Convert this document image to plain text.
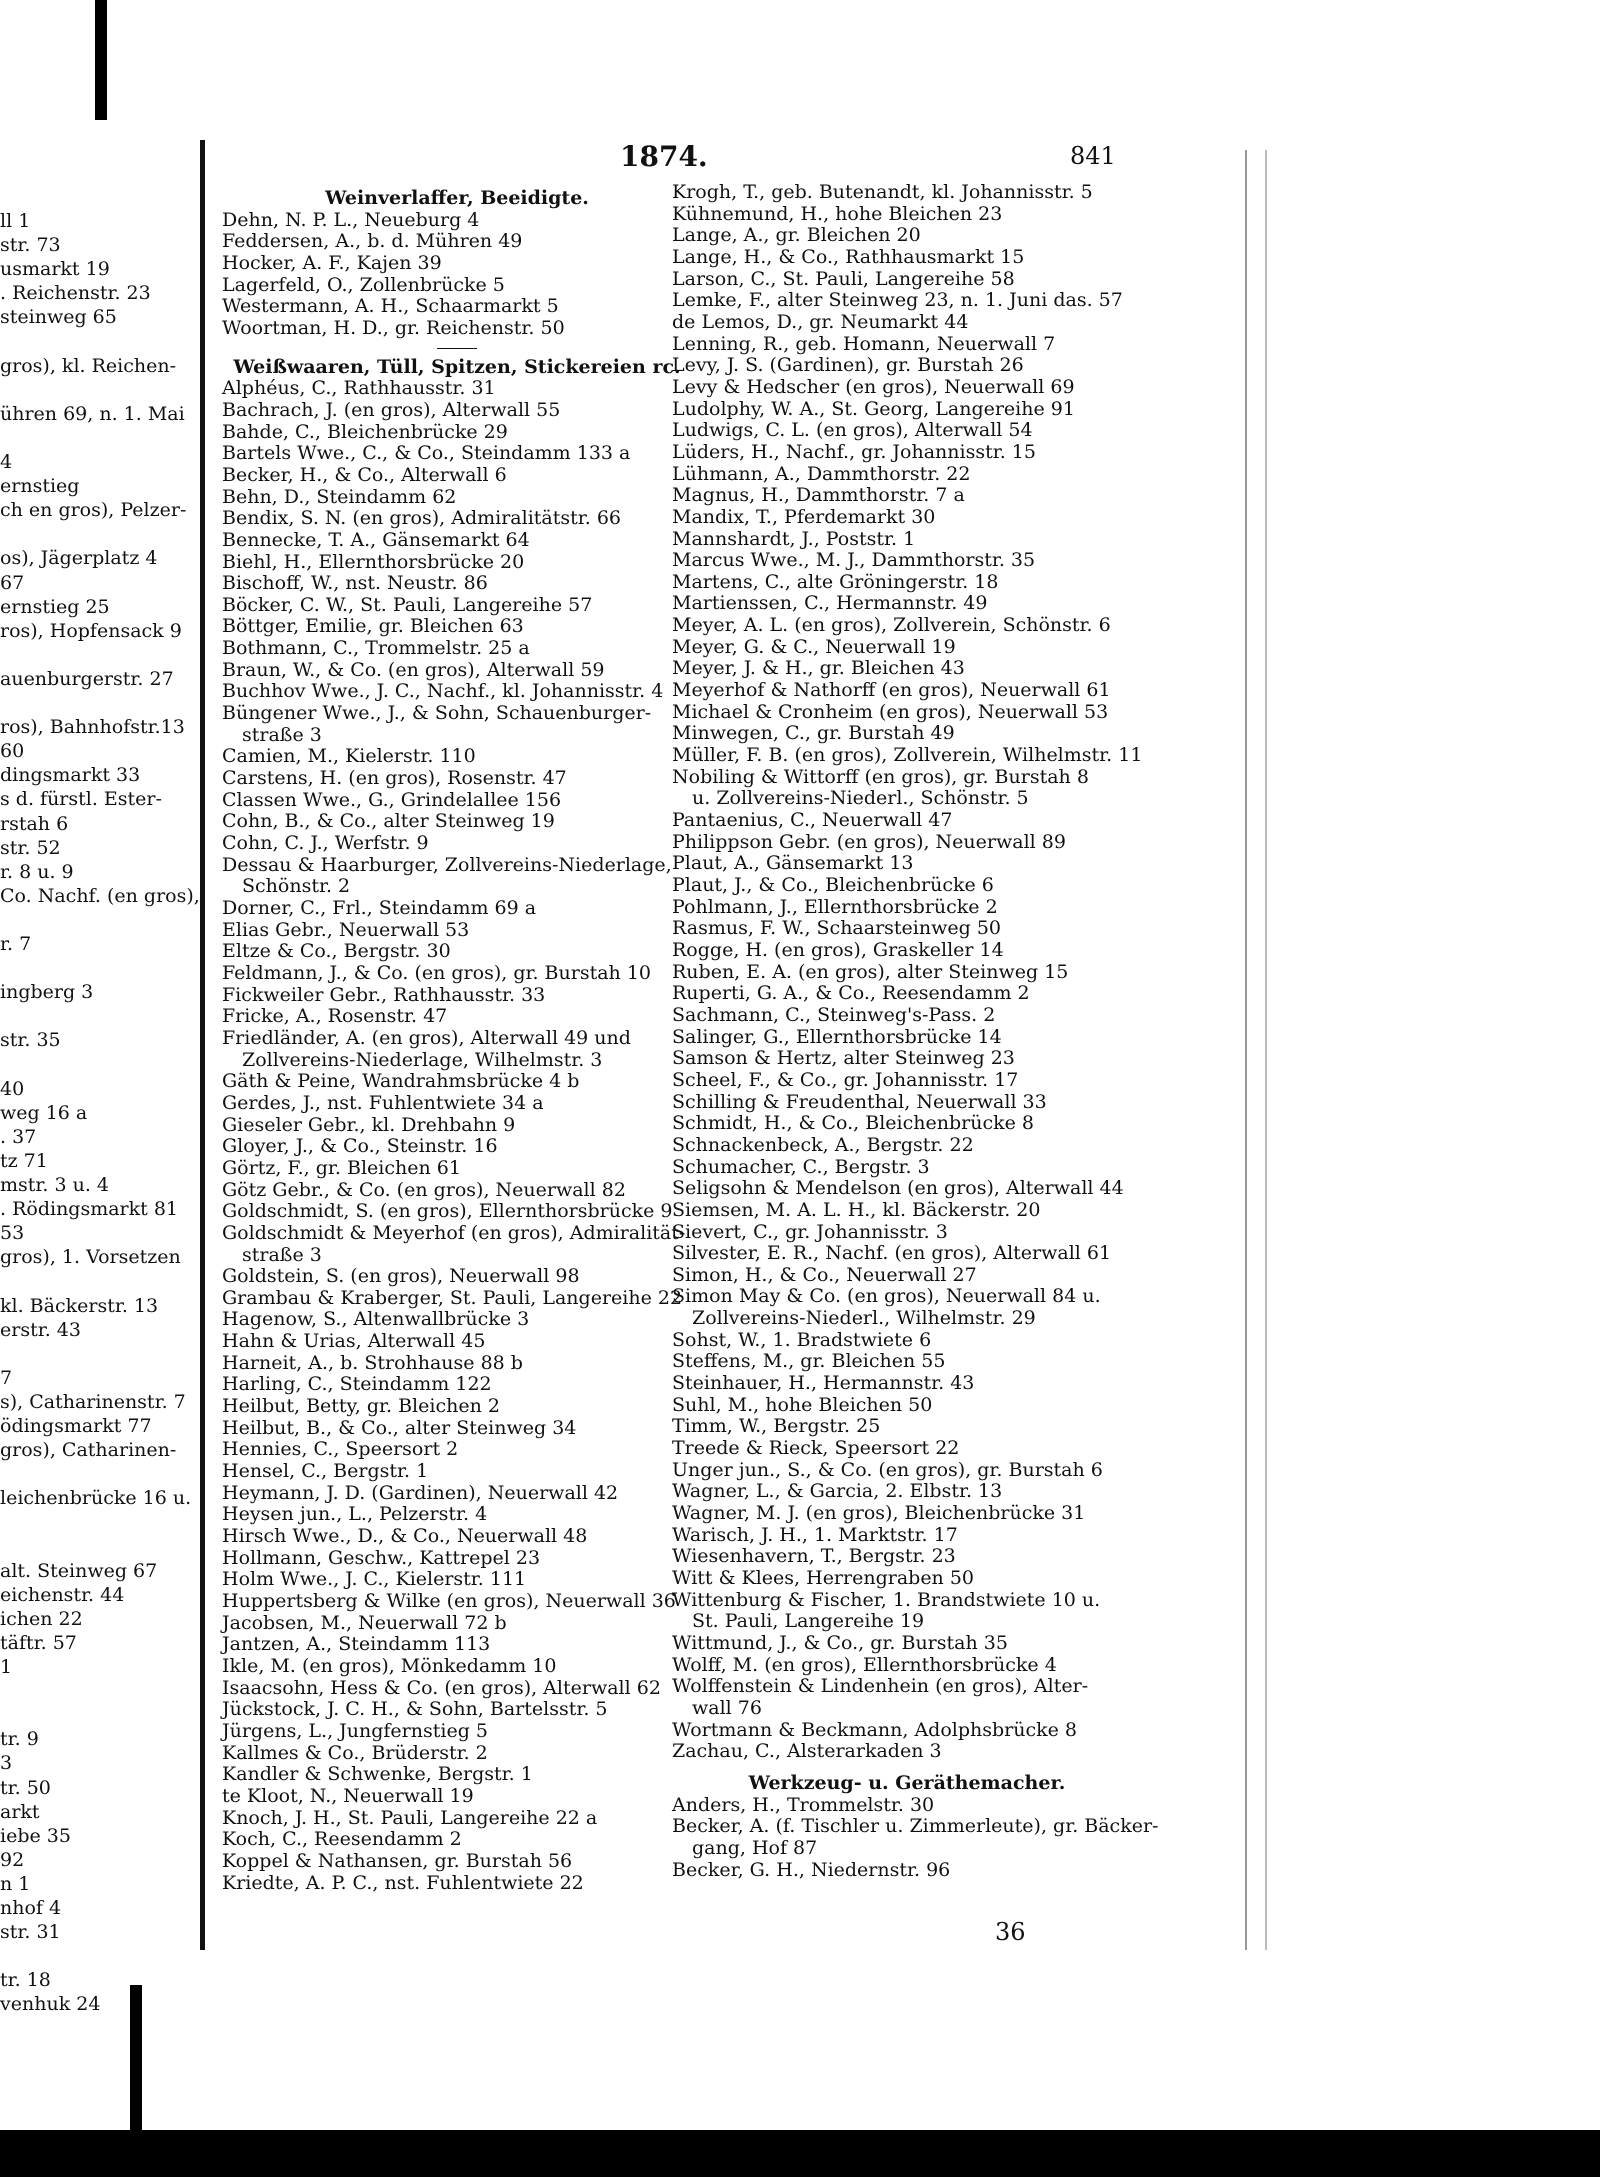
ll 1
str. 73
usmarkt 19
. Reichenstr. 23
steinweg 65
gros), kl. Reichen-
ühren 69, n. 1. Mai
4
ernstieg
ch en gros), Pelzer-
os), Jägerplatz 4
67
ernstieg 25
ros), Hopfensack 9
auenburgerstr. 27
ros), Bahnhofstr.13
60
dingsmarkt 33
s d. fürstl. Ester-
rstah 6
str. 52
r. 8 u. 9
Co. Nachf. (en gros),
r. 7
ingberg 3
str. 35
40
weg 16 a
. 37
tz 71
mstr. 3 u. 4
. Rödingsmarkt 81
53
gros), 1. Vorsetzen
kl. Bäckerstr. 13
erstr. 43
7
s), Catharinenstr. 7
ödingsmarkt 77
gros), Catharinen-
leichenbrücke 16 u.
alt. Steinweg 67
eichenstr. 44
ichen 22
täftr. 57
1
tr. 9
3
tr. 50
arkt
iebe 35
92
n 1
nhof 4
str. 31
tr. 18
venhuk 24
1874.	841
Weinverlaffer, Beeidigte.
Dehn, N. P. L., Neueburg 4
Feddersen, A., b. d. Mühren 49
Hocker, A. F., Kajen 39
Lagerfeld, O., Zollenbrücke 5
Westermann, A. H., Schaarmarkt 5
Woortman, H. D., gr. Reichenstr. 50
Weißwaaren, Tüll, Spitzen, Stickereien rc.
Alphéus, C., Rathhausstr. 31
Bachrach, J. (en gros), Alterwall 55
Bahde, C., Bleichenbrücke 29
Bartels Wwe., C., & Co., Steindamm 133 a
Becker, H., & Co., Alterwall 6
Behn, D., Steindamm 62
Bendix, S. N. (en gros), Admiralitätstr. 66
Bennecke, T. A., Gänsemarkt 64
Biehl, H., Ellernthorsbrücke 20
Bischoff, W., nst. Neustr. 86
Böcker, C. W., St. Pauli, Langereihe 57
Böttger, Emilie, gr. Bleichen 63
Bothmann, C., Trommelstr. 25 a
Braun, W., & Co. (en gros), Alterwall 59
Buchhov Wwe., J. C., Nachf., kl. Johannisstr. 4
Büngener Wwe., J., & Sohn, Schauenburger-
straße 3
Camien, M., Kielerstr. 110
Carstens, H. (en gros), Rosenstr. 47
Classen Wwe., G., Grindelallee 156
Cohn, B., & Co., alter Steinweg 19
Cohn, C. J., Werfstr. 9
Dessau & Haarburger, Zollvereins-Niederlage,
Schönstr. 2
Dorner, C., Frl., Steindamm 69 a
Elias Gebr., Neuerwall 53
Eltze & Co., Bergstr. 30
Feldmann, J., & Co. (en gros), gr. Burstah 10
Fickweiler Gebr., Rathhausstr. 33
Fricke, A., Rosenstr. 47
Friedländer, A. (en gros), Alterwall 49 und
Zollvereins-Niederlage, Wilhelmstr. 3
Gäth & Peine, Wandrahmsbrücke 4 b
Gerdes, J., nst. Fuhlentwiete 34 a
Gieseler Gebr., kl. Drehbahn 9
Gloyer, J., & Co., Steinstr. 16
Görtz, F., gr. Bleichen 61
Götz Gebr., & Co. (en gros), Neuerwall 82
Goldschmidt, S. (en gros), Ellernthorsbrücke 9
Goldschmidt & Meyerhof (en gros), Admiralität-
straße 3
Goldstein, S. (en gros), Neuerwall 98
Grambau & Kraberger, St. Pauli, Langereihe 22
Hagenow, S., Altenwallbrücke 3
Hahn & Urias, Alterwall 45
Harneit, A., b. Strohhause 88 b
Harling, C., Steindamm 122
Heilbut, Betty, gr. Bleichen 2
Heilbut, B., & Co., alter Steinweg 34
Hennies, C., Speersort 2
Hensel, C., Bergstr. 1
Heymann, J. D. (Gardinen), Neuerwall 42
Heysen jun., L., Pelzerstr. 4
Hirsch Wwe., D., & Co., Neuerwall 48
Hollmann, Geschw., Kattrepel 23
Holm Wwe., J. C., Kielerstr. 111
Huppertsberg & Wilke (en gros), Neuerwall 36
Jacobsen, M., Neuerwall 72 b
Jantzen, A., Steindamm 113
Ikle, M. (en gros), Mönkedamm 10
Isaacsohn, Hess & Co. (en gros), Alterwall 62
Jückstock, J. C. H., & Sohn, Bartelsstr. 5
Jürgens, L., Jungfernstieg 5
Kallmes & Co., Brüderstr. 2
Kandler & Schwenke, Bergstr. 1
te Kloot, N., Neuerwall 19
Knoch, J. H., St. Pauli, Langereihe 22 a
Koch, C., Reesendamm 2
Koppel & Nathansen, gr. Burstah 56
Kriedte, A. P. C., nst. Fuhlentwiete 22
Krogh, T., geb. Butenandt, kl. Johannisstr. 5
Kühnemund, H., hohe Bleichen 23
Lange, A., gr. Bleichen 20
Lange, H., & Co., Rathhausmarkt 15
Larson, C., St. Pauli, Langereihe 58
Lemke, F., alter Steinweg 23, n. 1. Juni das. 57
de Lemos, D., gr. Neumarkt 44
Lenning, R., geb. Homann, Neuerwall 7
Levy, J. S. (Gardinen), gr. Burstah 26
Levy & Hedscher (en gros), Neuerwall 69
Ludolphy, W. A., St. Georg, Langereihe 91
Ludwigs, C. L. (en gros), Alterwall 54
Lüders, H., Nachf., gr. Johannisstr. 15
Lühmann, A., Dammthorstr. 22
Magnus, H., Dammthorstr. 7 a
Mandix, T., Pferdemarkt 30
Mannshardt, J., Poststr. 1
Marcus Wwe., M. J., Dammthorstr. 35
Martens, C., alte Gröningerstr. 18
Martienssen, C., Hermannstr. 49
Meyer, A. L. (en gros), Zollverein, Schönstr. 6
Meyer, G. & C., Neuerwall 19
Meyer, J. & H., gr. Bleichen 43
Meyerhof & Nathorff (en gros), Neuerwall 61
Michael & Cronheim (en gros), Neuerwall 53
Minwegen, C., gr. Burstah 49
Müller, F. B. (en gros), Zollverein, Wilhelmstr. 11
Nobiling & Wittorff (en gros), gr. Burstah 8
u. Zollvereins-Niederl., Schönstr. 5
Pantaenius, C., Neuerwall 47
Philippson Gebr. (en gros), Neuerwall 89
Plaut, A., Gänsemarkt 13
Plaut, J., & Co., Bleichenbrücke 6
Pohlmann, J., Ellernthorsbrücke 2
Rasmus, F. W., Schaarsteinweg 50
Rogge, H. (en gros), Graskeller 14
Ruben, E. A. (en gros), alter Steinweg 15
Ruperti, G. A., & Co., Reesendamm 2
Sachmann, C., Steinweg's-Pass. 2
Salinger, G., Ellernthorsbrücke 14
Samson & Hertz, alter Steinweg 23
Scheel, F., & Co., gr. Johannisstr. 17
Schilling & Freudenthal, Neuerwall 33
Schmidt, H., & Co., Bleichenbrücke 8
Schnackenbeck, A., Bergstr. 22
Schumacher, C., Bergstr. 3
Seligsohn & Mendelson (en gros), Alterwall 44
Siemsen, M. A. L. H., kl. Bäckerstr. 20
Sievert, C., gr. Johannisstr. 3
Silvester, E. R., Nachf. (en gros), Alterwall 61
Simon, H., & Co., Neuerwall 27
Simon May & Co. (en gros), Neuerwall 84 u.
Zollvereins-Niederl., Wilhelmstr. 29
Sohst, W., 1. Bradstwiete 6
Steffens, M., gr. Bleichen 55
Steinhauer, H., Hermannstr. 43
Suhl, M., hohe Bleichen 50
Timm, W., Bergstr. 25
Treede & Rieck, Speersort 22
Unger jun., S., & Co. (en gros), gr. Burstah 6
Wagner, L., & Garcia, 2. Elbstr. 13
Wagner, M. J. (en gros), Bleichenbrücke 31
Warisch, J. H., 1. Marktstr. 17
Wiesenhavern, T., Bergstr. 23
Witt & Klees, Herrengraben 50
Wittenburg & Fischer, 1. Brandstwiete 10 u.
St. Pauli, Langereihe 19
Wittmund, J., & Co., gr. Burstah 35
Wolff, M. (en gros), Ellernthorsbrücke 4
Wolffenstein & Lindenhein (en gros), Alter-
wall 76
Wortmann & Beckmann, Adolphsbrücke 8
Zachau, C., Alsterarkaden 3
Werkzeug- u. Geräthemacher.
Anders, H., Trommelstr. 30
Becker, A. (f. Tischler u. Zimmerleute), gr. Bäcker-
gang, Hof 87
Becker, G. H., Niedernstr. 96
36
